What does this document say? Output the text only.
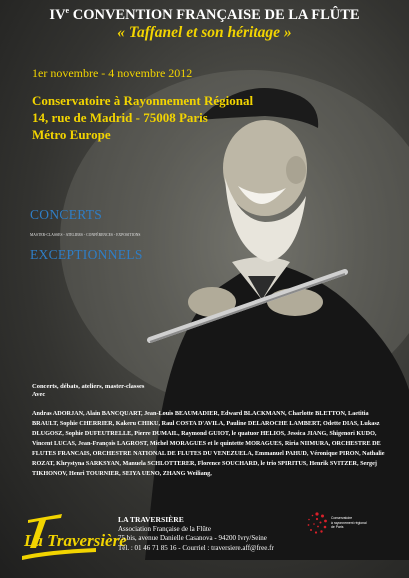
IVe CONVENTION FRANÇAISE DE LA FLÛTE

« Taffanel et son héritage »

1er novembre - 4 novembre 2012

Conservatoire à Rayonnement Régional
14, rue de Madrid - 75008 Paris
Métro Europe

CONCERTS

MASTER-CLASSES - ATELIERS - CONFÉRENCES - EXPOSITIONS

EXCEPTIONNELS

Concerts, débats, ateliers, master-classes
Avec

Andras ADORJAN, Alain BANCQUART, Jean-Louis BEAUMADIER, Edward BLACKMANN, Charlotte BLETTON, Laetitia BRAULT, Sophie CHERRIER, Kakeru CHIKU, Raul COSTA D'AVILA, Pauline DELAROCHE LAMBERT, Odette DIAS, Lukasz DLUGOSZ, Sophie DUFEUTRELLE, Pierre DUMAIL, Raymond GUIOT, le quatuor HELIOS, Jessica JIANG, Shigenori KUDO, Vincent LUCAS, Jean-François LAGROST, Michel MORAGUES et le quintette MORAGUES, Riria NIIMURA, ORCHESTRE DE FLUTES FRANCAIS, ORCHESTRE NATIONAL DE FLUTES DU VENEZUELA, Emmanuel PAHUD, Véronique PIRON, Nathalie ROZAT, Khrystyna SARKSYAN, Manuela SCHLOTTERER, Florence SOUCHARD, le trio SPIRITUS, Henrik SVITZER, Sergej TIKHONOV, Henri TOURNIER, SEIYA UENO, ZHANG Weiliang,

La Traversière
LA TRAVERSIÈRE
Association Française de la Flûte
75 bis, avenue Danielle Casanova - 94200 Ivry/Seine
Tél. : 01 46 71 85 16 - Courriel : traversiere.aff@free.fr
Conservatoire
à rayonnement régional
de Paris
